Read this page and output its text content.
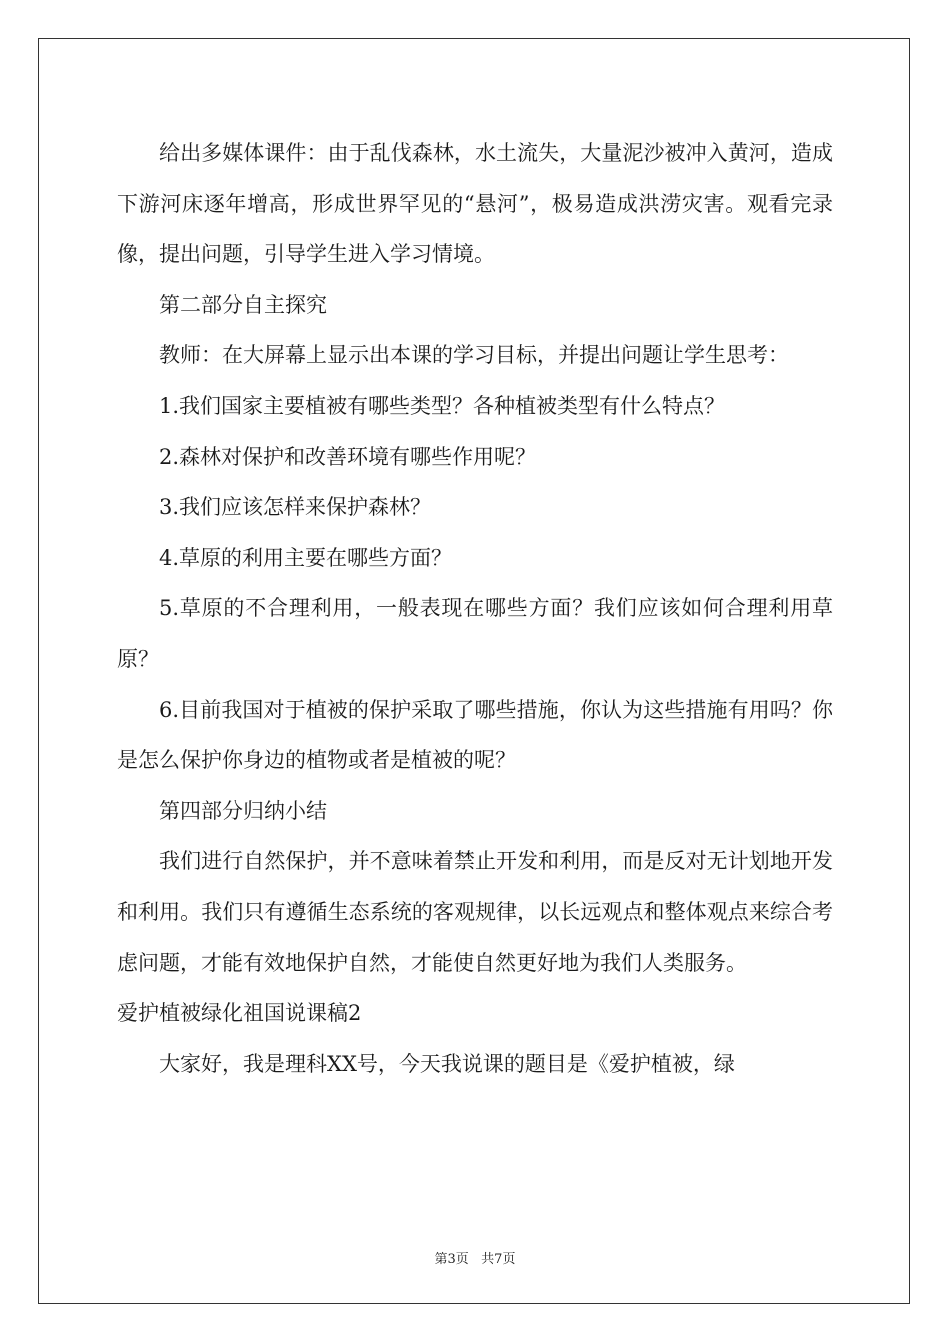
给出多媒体课件：由于乱伐森林，水土流失，大量泥沙被冲入黄河，造成下游河床逐年增高，形成世界罕见的“悬河”，极易造成洪涝灾害。观看完录像，提出问题，引导学生进入学习情境。

第二部分自主探究

教师：在大屏幕上显示出本课的学习目标，并提出问题让学生思考：

1.我们国家主要植被有哪些类型？各种植被类型有什么特点？

2.森林对保护和改善环境有哪些作用呢？

3.我们应该怎样来保护森林？

4.草原的利用主要在哪些方面？

5.草原的不合理利用，一般表现在哪些方面？我们应该如何合理利用草原？

6.目前我国对于植被的保护采取了哪些措施，你认为这些措施有用吗？你是怎么保护你身边的植物或者是植被的呢？

第四部分归纳小结

我们进行自然保护，并不意味着禁止开发和利用，而是反对无计划地开发和利用。我们只有遵循生态系统的客观规律，以长远观点和整体观点来综合考虑问题，才能有效地保护自然，才能使自然更好地为我们人类服务。

爱护植被绿化祖国说课稿2

大家好，我是理科XX号，今天我说课的题目是《爱护植被，绿

第3页   共7页
